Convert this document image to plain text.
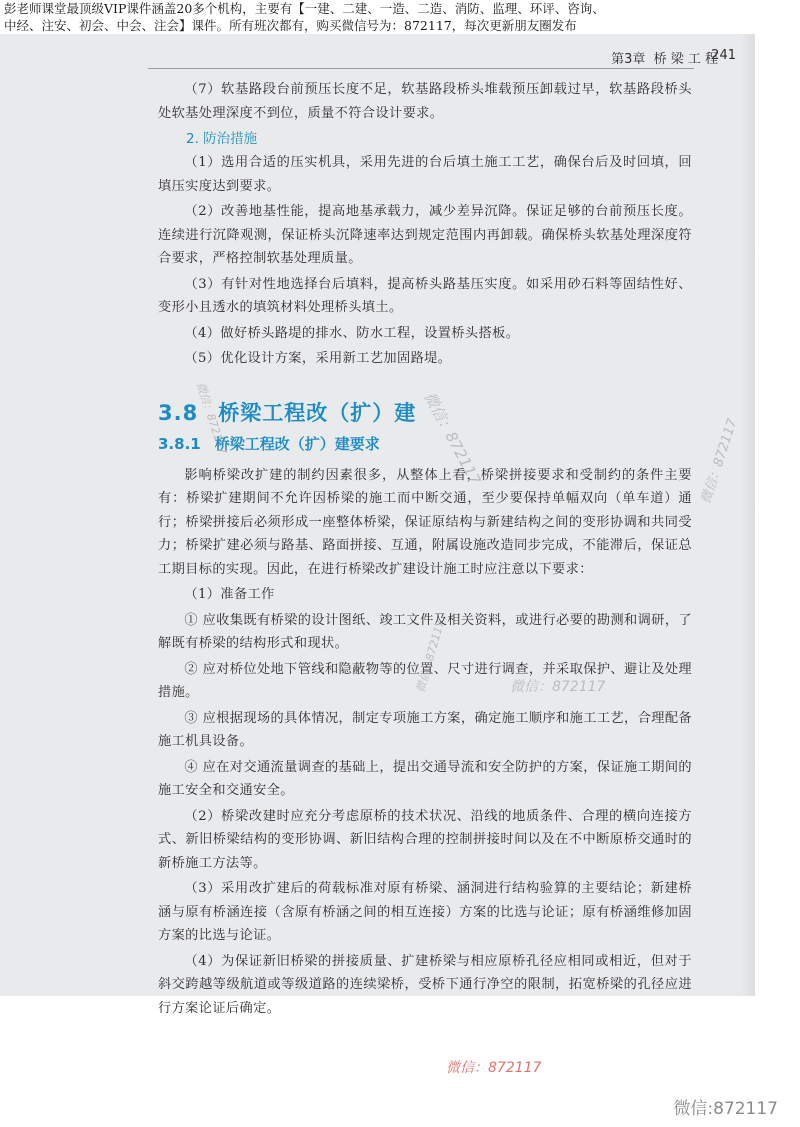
彭老师课堂最顶级VIP课件涵盖20多个机构，主要有【一建、二建、一造、二造、消防、监理、环评、咨询、
中经、注安、初会、中会、注会】课件。所有班次都有，购买微信号为：872117，每次更新朋友圈发布
第3章  桥 梁 工 程
241

（7）软基路段台前预压长度不足，软基路段桥头堆载预压卸载过早，软基路段桥头处软基处理深度不到位，质量不符合设计要求。

2. 防治措施

（1）选用合适的压实机具，采用先进的台后填土施工工艺，确保台后及时回填，回填压实度达到要求。

（2）改善地基性能，提高地基承载力，减少差异沉降。保证足够的台前预压长度。连续进行沉降观测，保证桥头沉降速率达到规定范围内再卸载。确保桥头软基处理深度符合要求，严格控制软基处理质量。

（3）有针对性地选择台后填料，提高桥头路基压实度。如采用砂石料等固结性好、变形小且透水的填筑材料处理桥头填土。

（4）做好桥头路堤的排水、防水工程，设置桥头搭板。

（5）优化设计方案，采用新工艺加固路堤。

3.8 桥梁工程改（扩）建
3.8.1 桥梁工程改（扩）建要求

影响桥梁改扩建的制约因素很多，从整体上看，桥梁拼接要求和受制约的条件主要有：桥梁扩建期间不允许因桥梁的施工而中断交通，至少要保持单幅双向（单车道）通行；桥梁拼接后必须形成一座整体桥梁，保证原结构与新建结构之间的变形协调和共同受力；桥梁扩建必须与路基、路面拼接、互通，附属设施改造同步完成，不能滞后，保证总工期目标的实现。因此，在进行桥梁改扩建设计施工时应注意以下要求：

（1）准备工作

① 应收集既有桥梁的设计图纸、竣工文件及相关资料，或进行必要的勘测和调研，了解既有桥梁的结构形式和现状。

② 应对桥位处地下管线和隐蔽物等的位置、尺寸进行调查，并采取保护、避让及处理措施。

③ 应根据现场的具体情况，制定专项施工方案，确定施工顺序和施工工艺，合理配备施工机具设备。

④ 应在对交通流量调查的基础上，提出交通导流和安全防护的方案，保证施工期间的施工安全和交通安全。

（2）桥梁改建时应充分考虑原桥的技术状况、沿线的地质条件、合理的横向连接方式、新旧桥梁结构的变形协调、新旧结构合理的控制拼接时间以及在不中断原桥交通时的新桥施工方法等。

（3）采用改扩建后的荷载标准对原有桥梁、涵洞进行结构验算的主要结论；新建桥涵与原有桥涵连接（含原有桥涵之间的相互连接）方案的比选与论证；原有桥涵维修加固方案的比选与论证。

（4）为保证新旧桥梁的拼接质量、扩建桥梁与相应原桥孔径应相同或相近，但对于斜交跨越等级航道或等级道路的连续梁桥，受桥下通行净空的限制，拓宽桥梁的孔径应进行方案论证后确定。

微信：872117
微信：872117	微信：872117
微信：872117	微信：872117
微信：872117
微信:872117
